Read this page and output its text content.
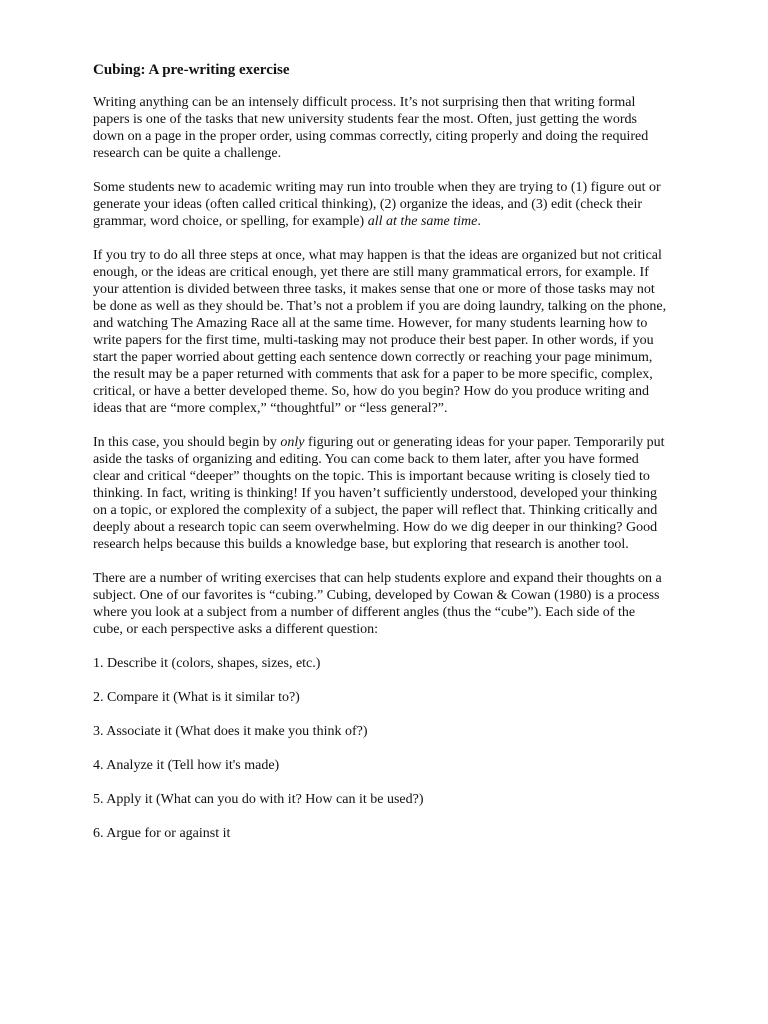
Cubing: A pre-writing exercise

Writing anything can be an intensely difficult process. It’s not surprising then that writing formal papers is one of the tasks that new university students fear the most. Often, just getting the words down on a page in the proper order, using commas correctly, citing properly and doing the required research can be quite a challenge.

Some students new to academic writing may run into trouble when they are trying to (1) figure out or generate your ideas (often called critical thinking), (2) organize the ideas, and (3) edit (check their grammar, word choice, or spelling, for example) all at the same time.

If you try to do all three steps at once, what may happen is that the ideas are organized but not critical enough, or the ideas are critical enough, yet there are still many grammatical errors, for example. If your attention is divided between three tasks, it makes sense that one or more of those tasks may not be done as well as they should be. That’s not a problem if you are doing laundry, talking on the phone, and watching The Amazing Race all at the same time. However, for many students learning how to write papers for the first time, multi-tasking may not produce their best paper. In other words, if you start the paper worried about getting each sentence down correctly or reaching your page minimum, the result may be a paper returned with comments that ask for a paper to be more specific, complex, critical, or have a better developed theme. So, how do you begin? How do you produce writing and ideas that are “more complex,” “thoughtful” or “less general?”.

In this case, you should begin by only figuring out or generating ideas for your paper. Temporarily put aside the tasks of organizing and editing. You can come back to them later, after you have formed clear and critical “deeper” thoughts on the topic. This is important because writing is closely tied to thinking. In fact, writing is thinking! If you haven’t sufficiently understood, developed your thinking on a topic, or explored the complexity of a subject, the paper will reflect that. Thinking critically and deeply about a research topic can seem overwhelming. How do we dig deeper in our thinking? Good research helps because this builds a knowledge base, but exploring that research is another tool.

There are a number of writing exercises that can help students explore and expand their thoughts on a subject. One of our favorites is “cubing.” Cubing, developed by Cowan & Cowan (1980) is a process where you look at a subject from a number of different angles (thus the “cube”). Each side of the cube, or each perspective asks a different question:

1. Describe it (colors, shapes, sizes, etc.)
2. Compare it (What is it similar to?)
3. Associate it (What does it make you think of?)
4. Analyze it (Tell how it's made)
5. Apply it (What can you do with it? How can it be used?)
6. Argue for or against it
